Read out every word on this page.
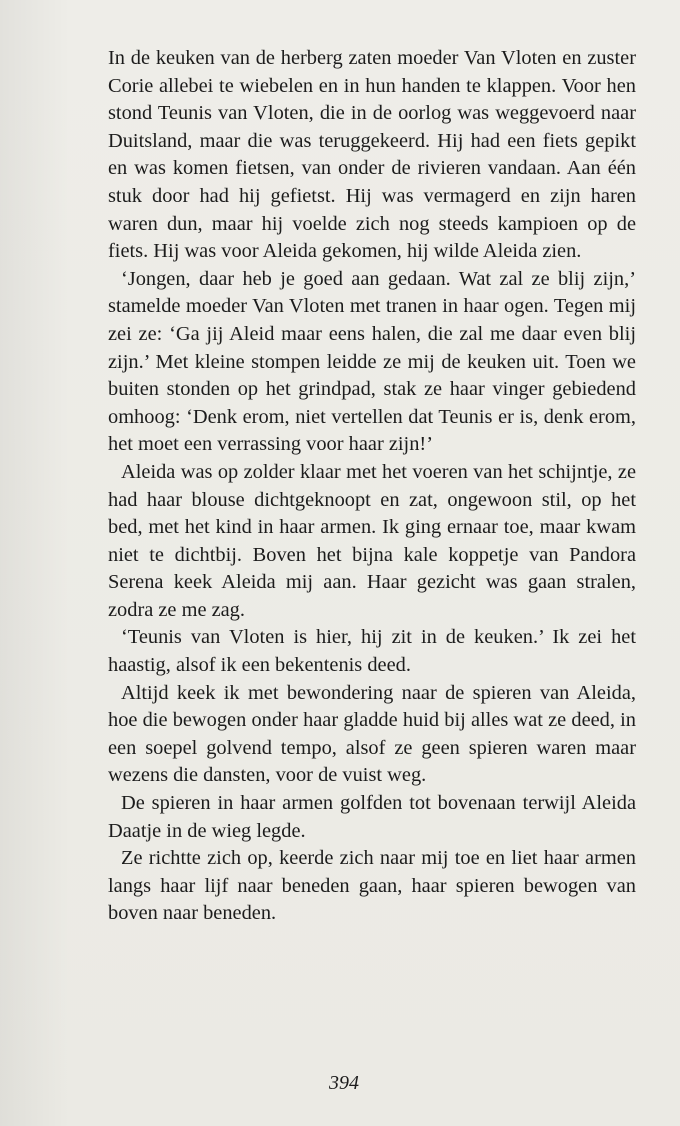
In de keuken van de herberg zaten moeder Van Vloten en zuster Corie allebei te wiebelen en in hun handen te klappen. Voor hen stond Teunis van Vloten, die in de oorlog was weggevoerd naar Duitsland, maar die was teruggekeerd. Hij had een fiets gepikt en was komen fietsen, van onder de rivieren vandaan. Aan één stuk door had hij gefietst. Hij was vermagerd en zijn haren waren dun, maar hij voelde zich nog steeds kampioen op de fiets. Hij was voor Aleida gekomen, hij wilde Aleida zien.

‘Jongen, daar heb je goed aan gedaan. Wat zal ze blij zijn,’ stamelde moeder Van Vloten met tranen in haar ogen. Tegen mij zei ze: ‘Ga jij Aleid maar eens halen, die zal me daar even blij zijn.’ Met kleine stompen leidde ze mij de keuken uit. Toen we buiten stonden op het grindpad, stak ze haar vinger gebiedend omhoog: ‘Denk erom, niet vertellen dat Teunis er is, denk erom, het moet een verrassing voor haar zijn!’

Aleida was op zolder klaar met het voeren van het schijntje, ze had haar blouse dichtgeknoopt en zat, ongewoon stil, op het bed, met het kind in haar armen. Ik ging ernaar toe, maar kwam niet te dichtbij. Boven het bijna kale koppetje van Pandora Serena keek Aleida mij aan. Haar gezicht was gaan stralen, zodra ze me zag.

‘Teunis van Vloten is hier, hij zit in de keuken.’ Ik zei het haastig, alsof ik een bekentenis deed.

Altijd keek ik met bewondering naar de spieren van Aleida, hoe die bewogen onder haar gladde huid bij alles wat ze deed, in een soepel golvend tempo, alsof ze geen spieren waren maar wezens die dansten, voor de vuist weg.

De spieren in haar armen golfden tot bovenaan terwijl Aleida Daatje in de wieg legde.

Ze richtte zich op, keerde zich naar mij toe en liet haar armen langs haar lijf naar beneden gaan, haar spieren bewogen van boven naar beneden.

394
